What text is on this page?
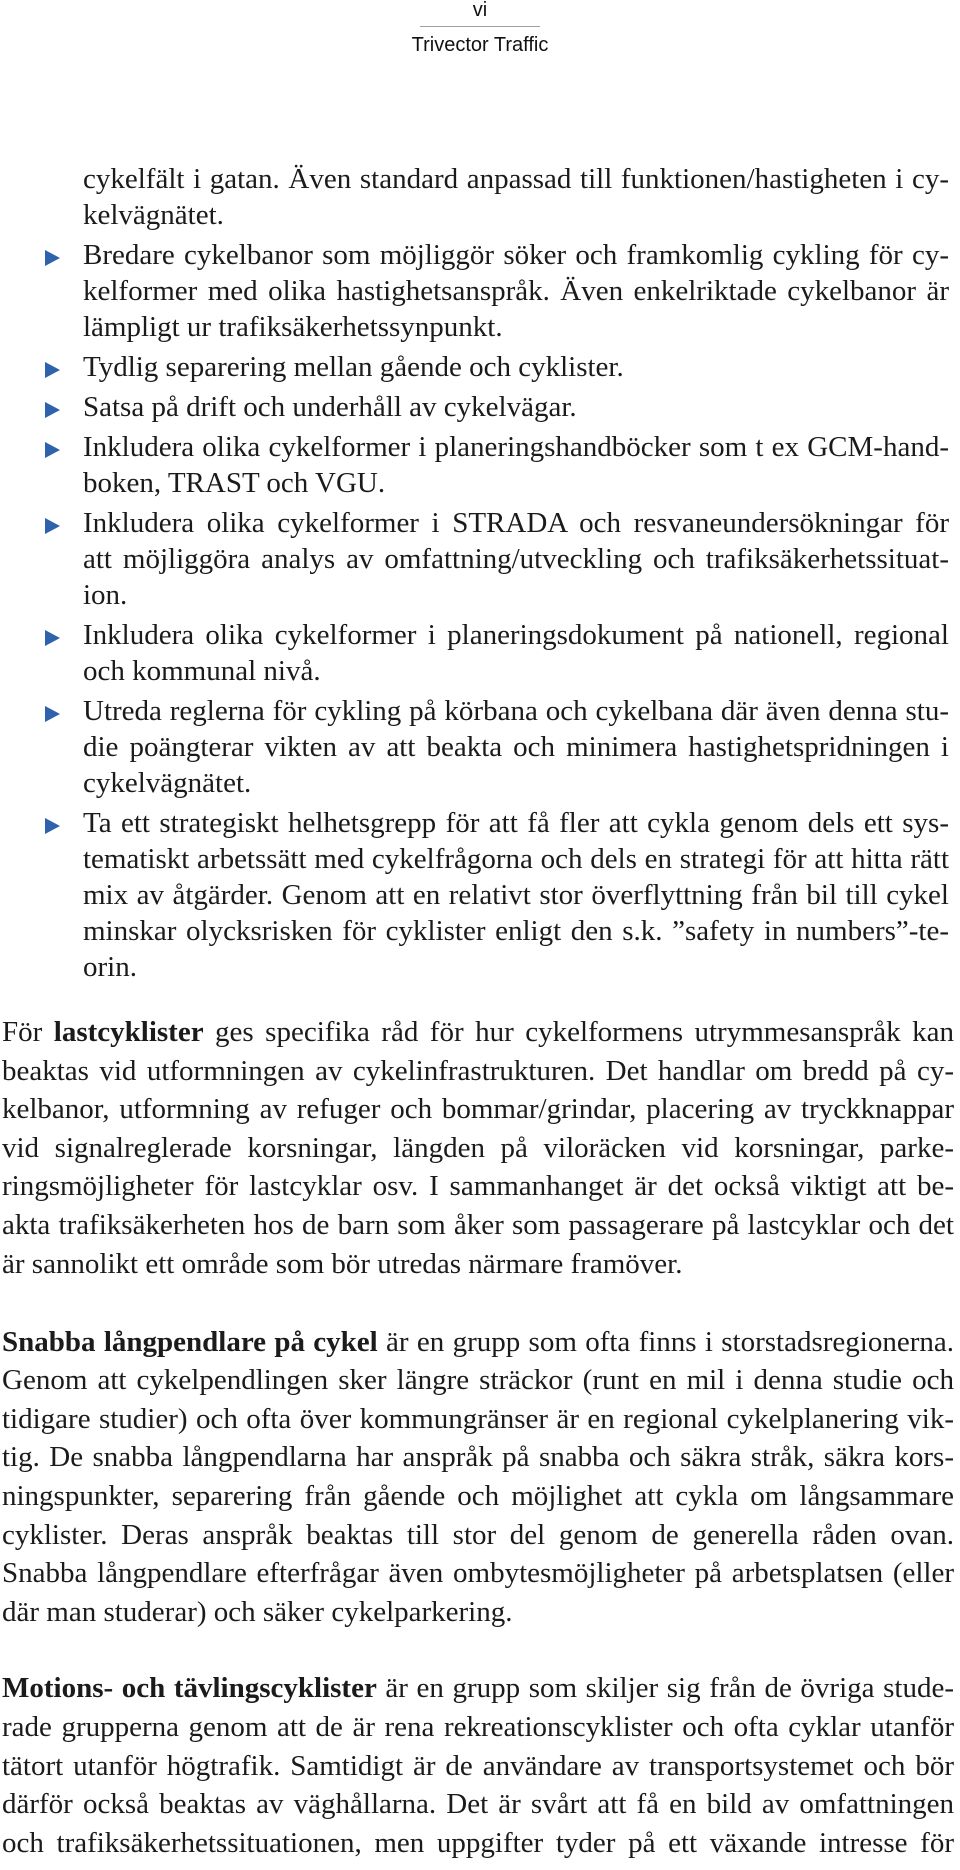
vi
Trivector Traffic
cykelfält i gatan. Även standard anpassad till funktionen/hastigheten i cy-
kelvägnätet.
Bredare cykelbanor som möjliggör söker och framkomlig cykling för cy-
kelformer med olika hastighetsanspråk. Även enkelriktade cykelbanor är
lämpligt ur trafiksäkerhetssynpunkt.
Tydlig separering mellan gående och cyklister.
Satsa på drift och underhåll av cykelvägar.
Inkludera olika cykelformer i planeringshandböcker som t ex GCM-hand-
boken, TRAST och VGU.
Inkludera olika cykelformer i STRADA och resvaneundersökningar för
att möjliggöra analys av omfattning/utveckling och trafiksäkerhetssituat-
ion.
Inkludera olika cykelformer i planeringsdokument på nationell, regional
och kommunal nivå.
Utreda reglerna för cykling på körbana och cykelbana där även denna stu-
die poängterar vikten av att beakta och minimera hastighetspridningen i
cykelvägnätet.
Ta ett strategiskt helhetsgrepp för att få fler att cykla genom dels ett sys-
tematiskt arbetssätt med cykelfrågorna och dels en strategi för att hitta rätt
mix av åtgärder. Genom att en relativt stor överflyttning från bil till cykel
minskar olycksrisken för cyklister enligt den s.k. ”safety in numbers”-te-
orin.
För lastcyklister ges specifika råd för hur cykelformens utrymmesanspråk kan
beaktas vid utformningen av cykelinfrastrukturen. Det handlar om bredd på cy-
kelbanor, utformning av refuger och bommar/grindar, placering av tryckknappar
vid signalreglerade korsningar, längden på viloräcken vid korsningar, parke-
ringsmöjligheter för lastcyklar osv. I sammanhanget är det också viktigt att be-
akta trafiksäkerheten hos de barn som åker som passagerare på lastcyklar och det
är sannolikt ett område som bör utredas närmare framöver.
Snabba långpendlare på cykel är en grupp som ofta finns i storstadsregionerna.
Genom att cykelpendlingen sker längre sträckor (runt en mil i denna studie och
tidigare studier) och ofta över kommungränser är en regional cykelplanering vik-
tig. De snabba långpendlarna har anspråk på snabba och säkra stråk, säkra kors-
ningspunkter, separering från gående och möjlighet att cykla om långsammare
cyklister. Deras anspråk beaktas till stor del genom de generella råden ovan.
Snabba långpendlare efterfrågar även ombytesmöjligheter på arbetsplatsen (eller
där man studerar) och säker cykelparkering.
Motions- och tävlingscyklister är en grupp som skiljer sig från de övriga stude-
rade grupperna genom att de är rena rekreationscyklister och ofta cyklar utanför
tätort utanför högtrafik. Samtidigt är de användare av transportsystemet och bör
därför också beaktas av väghållarna. Det är svårt att få en bild av omfattningen
och trafiksäkerhetssituationen, men uppgifter tyder på ett växande intresse för
